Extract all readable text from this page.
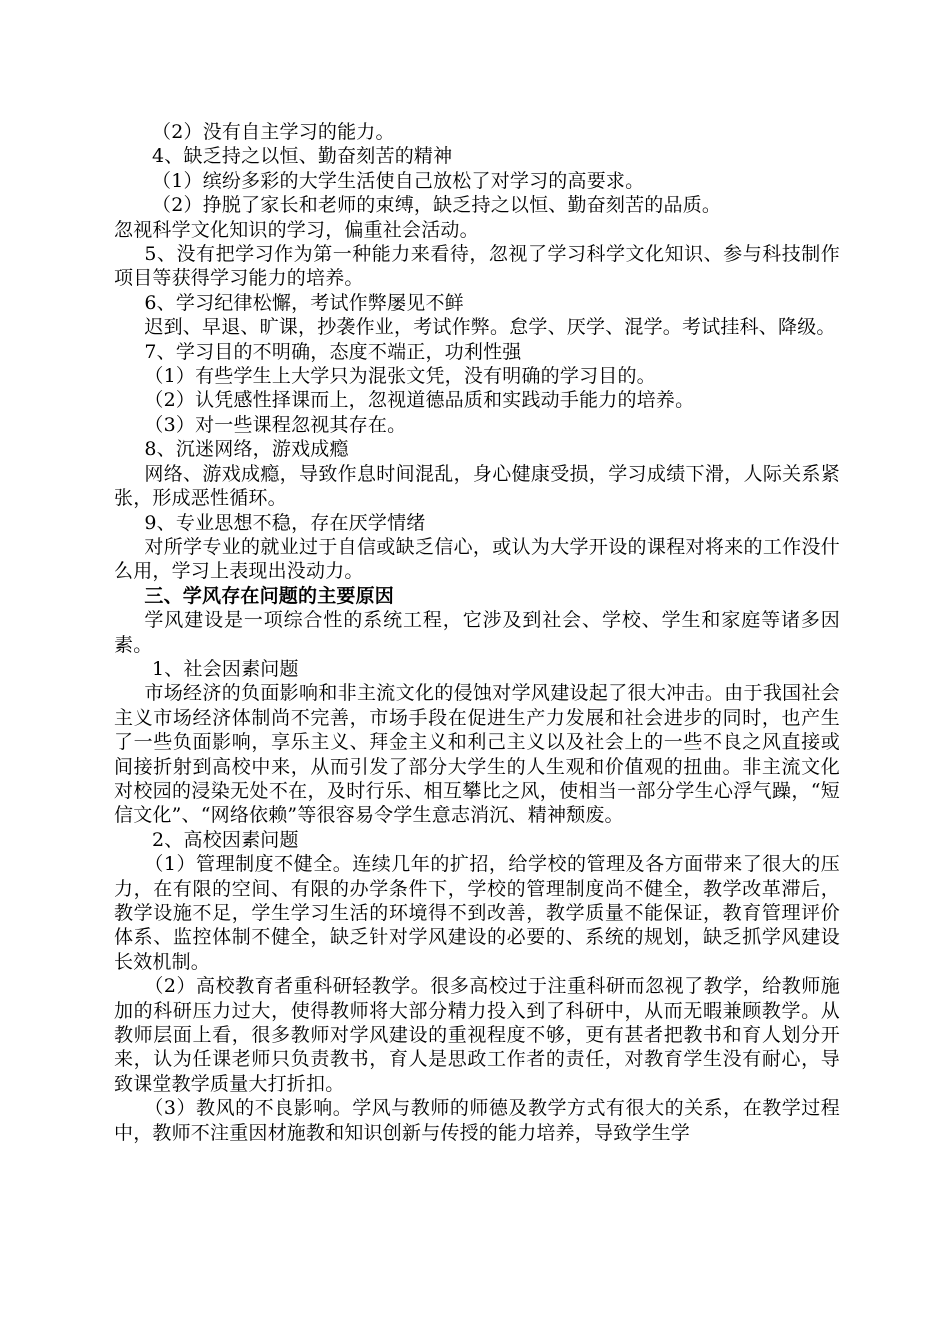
（2）没有自主学习的能力。

4、缺乏持之以恒、勤奋刻苦的精神

（1）缤纷多彩的大学生活使自己放松了对学习的高要求。

（2）挣脱了家长和老师的束缚，缺乏持之以恒、勤奋刻苦的品质。

忽视科学文化知识的学习，偏重社会活动。

5、没有把学习作为第一种能力来看待，忽视了学习科学文化知识、参与科技制作项目等获得学习能力的培养。

6、学习纪律松懈，考试作弊屡见不鲜

迟到、早退、旷课，抄袭作业，考试作弊。怠学、厌学、混学。考试挂科、降级。

7、学习目的不明确，态度不端正，功利性强

（1）有些学生上大学只为混张文凭，没有明确的学习目的。

（2）认凭感性择课而上，忽视道德品质和实践动手能力的培养。

（3）对一些课程忽视其存在。

8、沉迷网络，游戏成瘾

网络、游戏成瘾，导致作息时间混乱，身心健康受损，学习成绩下滑，人际关系紧张，形成恶性循环。

9、专业思想不稳，存在厌学情绪

对所学专业的就业过于自信或缺乏信心，或认为大学开设的课程对将来的工作没什么用，学习上表现出没动力。

三、学风存在问题的主要原因

学风建设是一项综合性的系统工程，它涉及到社会、学校、学生和家庭等诸多因素。

1、社会因素问题

市场经济的负面影响和非主流文化的侵蚀对学风建设起了很大冲击。由于我国社会主义市场经济体制尚不完善，市场手段在促进生产力发展和社会进步的同时，也产生了一些负面影响，享乐主义、拜金主义和利己主义以及社会上的一些不良之风直接或间接折射到高校中来，从而引发了部分大学生的人生观和价值观的扭曲。非主流文化对校园的浸染无处不在，及时行乐、相互攀比之风，使相当一部分学生心浮气躁，“短信文化”、“网络依赖”等很容易令学生意志消沉、精神颓废。

2、高校因素问题

（1）管理制度不健全。连续几年的扩招，给学校的管理及各方面带来了很大的压力，在有限的空间、有限的办学条件下，学校的管理制度尚不健全，教学改革滞后，教学设施不足，学生学习生活的环境得不到改善，教学质量不能保证，教育管理评价体系、监控体制不健全，缺乏针对学风建设的必要的、系统的规划，缺乏抓学风建设长效机制。

（2）高校教育者重科研轻教学。很多高校过于注重科研而忽视了教学，给教师施加的科研压力过大，使得教师将大部分精力投入到了科研中，从而无暇兼顾教学。从教师层面上看，很多教师对学风建设的重视程度不够，更有甚者把教书和育人划分开来，认为任课老师只负责教书，育人是思政工作者的责任，对教育学生没有耐心，导致课堂教学质量大打折扣。

（3）教风的不良影响。学风与教师的师德及教学方式有很大的关系，在教学过程中，教师不注重因材施教和知识创新与传授的能力培养，导致学生学
